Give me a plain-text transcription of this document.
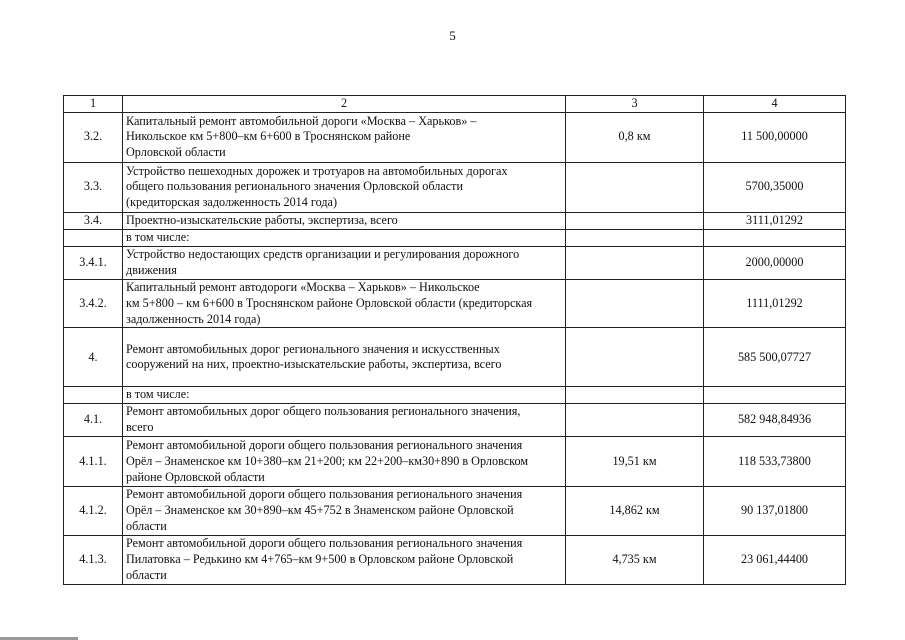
5
1	2	3	4
3.2.	Капитальный ремонт автомобильной дороги «Москва – Харьков» –
Никольское км 5+800–км 6+600 в Троснянском районе
Орловской области	0,8 км	11 500,00000
3.3.	Устройство пешеходных дорожек и тротуаров на автомобильных дорогах
общего пользования регионального значения Орловской области
(кредиторская задолженность 2014 года)		5700,35000
3.4.	Проектно-изыскательские работы, экспертиза, всего		3111,01292

	в том числе:		

3.4.1.	Устройство недостающих средств организации и регулирования дорожного
движения		2000,00000
3.4.2.	Капитальный ремонт автодороги «Москва – Харьков» – Никольское
км 5+800 – км 6+600 в Троснянском районе Орловской области (кредиторская
задолженность 2014 года)		1111,01292
4.	Ремонт автомобильных дорог регионального значения и искусственных
сооружений на них, проектно-изыскательские работы, экспертиза, всего		585 500,07727

	в том числе:		

4.1.	Ремонт автомобильных дорог общего пользования регионального значения,
всего		582 948,84936
4.1.1.	Ремонт автомобильной дороги общего пользования регионального значения
Орёл – Знаменское км 10+380–км 21+200; км 22+200–км30+890 в Орловском
районе Орловской области	19,51 км	118 533,73800
4.1.2.	Ремонт автомобильной дороги общего пользования регионального значения
Орёл – Знаменское км 30+890–км 45+752 в Знаменском районе Орловской
области	14,862 км	90 137,01800
4.1.3.	Ремонт автомобильной дороги общего пользования регионального значения
Пилатовка – Редькино км 4+765–км 9+500 в Орловском районе Орловской
области	4,735 км	23 061,44400
